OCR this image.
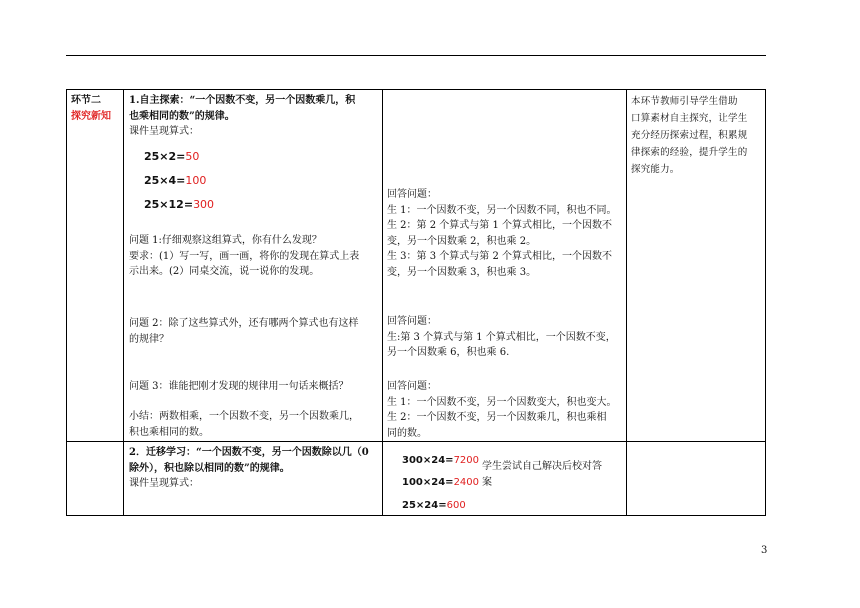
环节二

探究新知

1.自主探索：“一个因数不变，另一个因数乘几，积

也乘相同的数”的规律。

课件呈现算式：

25×2=50
25×4=100
25×12=300

问题 1:仔细观察这组算式，你有什么发现？

要求：(1）写一写，画一画，将你的发现在算式上表

示出来。(2）同桌交流，说一说你的发现。

问题 2：除了这些算式外，还有哪两个算式也有这样

的规律？

问题 3：谁能把刚才发现的规律用一句话来概括？

小结：两数相乘，一个因数不变，另一个因数乘几，

积也乘相同的数。

回答问题：

生 1：一个因数不变，另一个因数不同，积也不同。

生 2：第 2 个算式与第 1 个算式相比，一个因数不

变，另一个因数乘 2，积也乘 2。

生 3：第 3 个算式与第 2 个算式相比，一个因数不

变，另一个因数乘 3，积也乘 3。

回答问题：

生:第 3 个算式与第 1 个算式相比，一个因数不变，

另一个因数乘 6，积也乘 6.

回答问题：

生 1：一个因数不变，另一个因数变大，积也变大。

生 2：一个因数不变，另一个因数乘几，积也乘相

同的数。

本环节教师引导学生借助

口算素材自主探究，让学生

充分经历探索过程，积累规

律探索的经验，提升学生的

探究能力。

2．迁移学习：“一个因数不变，另一个因数除以几（0

除外），积也除以相同的数”的规律。

课件呈现算式：

300×24=7200
100×24=2400
25×24=600

学生尝试自己解决后校对答

案

3
